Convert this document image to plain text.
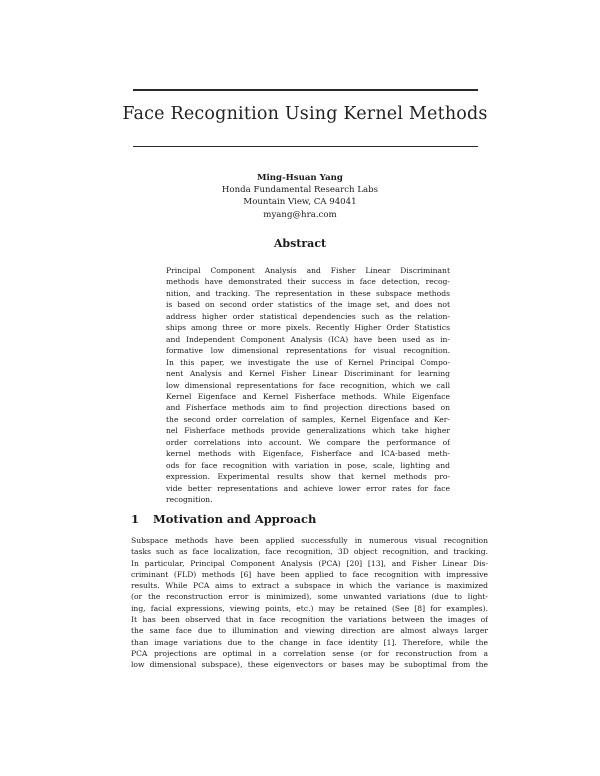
Face Recognition Using Kernel Methods
Ming-Hsuan Yang
Honda Fundamental Research Labs
Mountain View, CA 94041
myang@hra.com
Abstract
Principal Component Analysis and Fisher Linear Discriminant
methods have demonstrated their success in face detection, recog-
nition, and tracking. The representation in these subspace methods
is based on second order statistics of the image set, and does not
address higher order statistical dependencies such as the relation-
ships among three or more pixels. Recently Higher Order Statistics
and Independent Component Analysis (ICA) have been used as in-
formative low dimensional representations for visual recognition.
In this paper, we investigate the use of Kernel Principal Compo-
nent Analysis and Kernel Fisher Linear Discriminant for learning
low dimensional representations for face recognition, which we call
Kernel Eigenface and Kernel Fisherface methods. While Eigenface
and Fisherface methods aim to find projection directions based on
the second order correlation of samples, Kernel Eigenface and Ker-
nel Fisherface methods provide generalizations which take higher
order correlations into account. We compare the performance of
kernel methods with Eigenface, Fisherface and ICA-based meth-
ods for face recognition with variation in pose, scale, lighting and
expression. Experimental results show that kernel methods pro-
vide better representations and achieve lower error rates for face
recognition.
1 Motivation and Approach
Subspace methods have been applied successfully in numerous visual recognition
tasks such as face localization, face recognition, 3D object recognition, and tracking.
In particular, Principal Component Analysis (PCA) [20] [13], and Fisher Linear Dis-
criminant (FLD) methods [6] have been applied to face recognition with impressive
results. While PCA aims to extract a subspace in which the variance is maximized
(or the reconstruction error is minimized), some unwanted variations (due to light-
ing, facial expressions, viewing points, etc.) may be retained (See [8] for examples).
It has been observed that in face recognition the variations between the images of
the same face due to illumination and viewing direction are almost always larger
than image variations due to the change in face identity [1]. Therefore, while the
PCA projections are optimal in a correlation sense (or for reconstruction from a
low dimensional subspace), these eigenvectors or bases may be suboptimal from the
